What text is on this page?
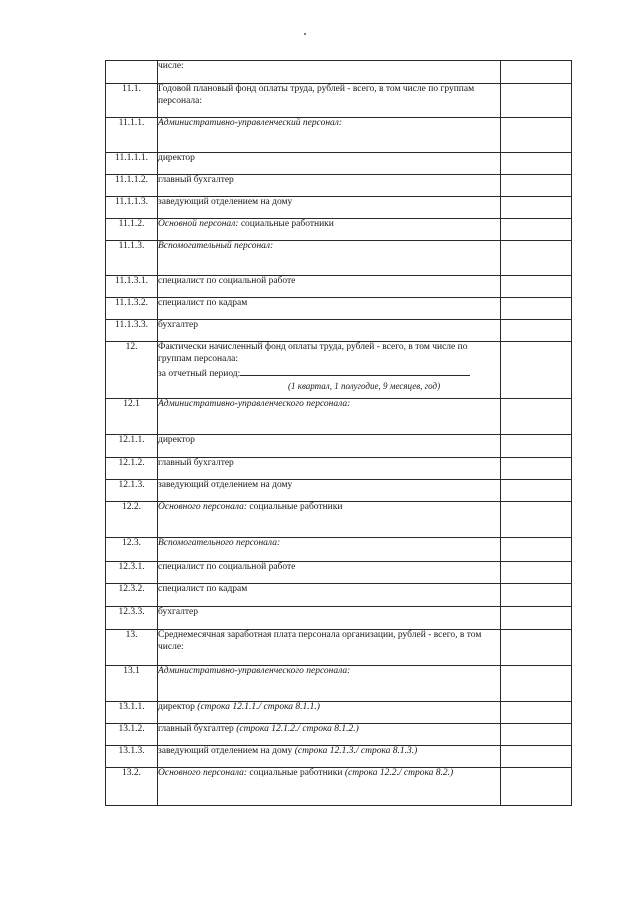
	числе:	
11.1.	Годовой плановый фонд оплаты труда, рублей - всего, в том числе по группам персонала:	
11.1.1.	Административно-управленческий персонал:	
11.1.1.1.	директор	
11.1.1.2.	главный бухгалтер	
11.1.1.3.	заведующий отделением на дому	
11.1.2.	Основной персонал: социальные работники	
11.1.3.	Вспомогательный персонал:	
11.1.3.1.	специалист по социальной работе	
11.1.3.2.	специалист по кадрам	
11.1.3.3.	бухгалтер	
12.	Фактически начисленный фонд оплаты труда, рублей - всего, в том числе по группам персонала:
за отчетный период:
(1 квартал, 1 полугодие, 9 месяцев, год)	

12.1	Административно-управленческого персонала:	
12.1.1.	директор	
12.1.2.	главный бухгалтер	
12.1.3.	заведующий отделением на дому	
12.2.	Основного персонала: социальные работники	
12.3.	Вспомогательного персонала:	
12.3.1.	специалист по социальной работе	
12.3.2.	специалист по кадрам	
12.3.3.	бухгалтер	
13.	Среднемесячная заработная плата персонала организации, рублей - всего, в том числе:	
13.1	Административно-управленческого персонала:	
13.1.1.	директор (строка 12.1.1./ строка 8.1.1.)	
13.1.2.	главный бухгалтер (строка 12.1.2./ строка 8.1.2.)	
13.1.3.	заведующий отделением на дому (строка 12.1.3./ строка 8.1.3.)	
13.2.	Основного персонала: социальные работники (строка 12.2./ строка 8.2.)	
